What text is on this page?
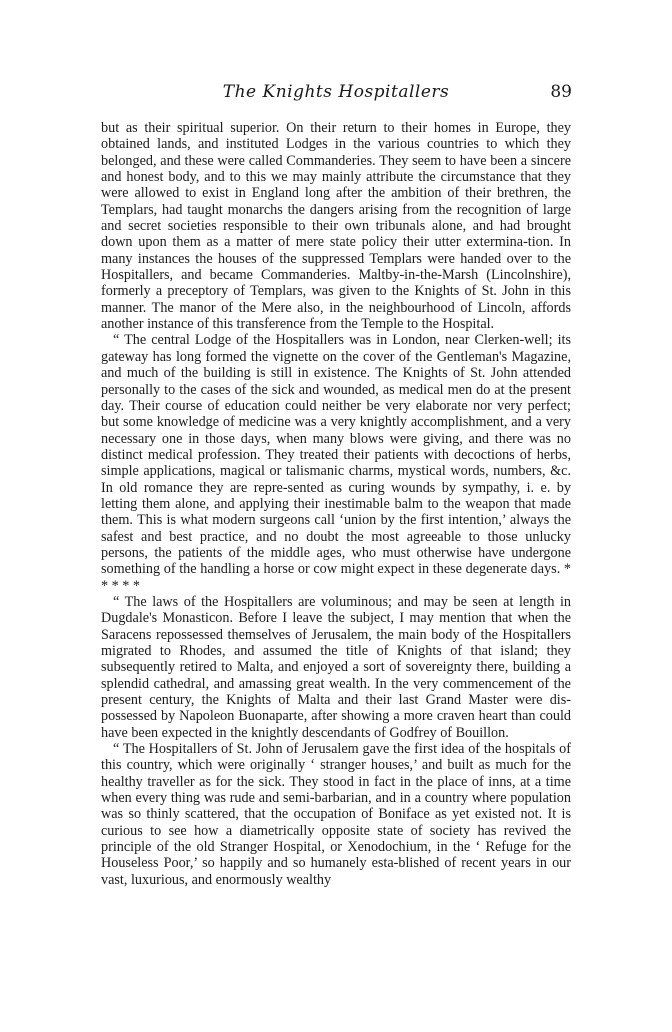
The Knights Hospitallers	89

but as their spiritual superior. On their return to their homes in Europe, they obtained lands, and instituted Lodges in the various countries to which they belonged, and these were called Commanderies. They seem to have been a sincere and honest body, and to this we may mainly attribute the circumstance that they were allowed to exist in England long after the ambition of their brethren, the Templars, had taught monarchs the dangers arising from the recognition of large and secret societies responsible to their own tribunals alone, and had brought down upon them as a matter of mere state policy their utter extermina-tion. In many instances the houses of the suppressed Templars were handed over to the Hospitallers, and became Commanderies. Maltby-in-the-Marsh (Lincolnshire), formerly a preceptory of Templars, was given to the Knights of St. John in this manner. The manor of the Mere also, in the neighbourhood of Lincoln, affords another instance of this transference from the Temple to the Hospital.

“ The central Lodge of the Hospitallers was in London, near Clerken-well; its gateway has long formed the vignette on the cover of the Gentleman's Magazine, and much of the building is still in existence. The Knights of St. John attended personally to the cases of the sick and wounded, as medical men do at the present day. Their course of education could neither be very elaborate nor very perfect; but some knowledge of medicine was a very knightly accomplishment, and a very necessary one in those days, when many blows were giving, and there was no distinct medical profession. They treated their patients with decoctions of herbs, simple applications, magical or talismanic charms, mystical words, numbers, &c. In old romance they are repre-sented as curing wounds by sympathy, i. e. by letting them alone, and applying their inestimable balm to the weapon that made them. This is what modern surgeons call ‘union by the first intention,’ always the safest and best practice, and no doubt the most agreeable to those unlucky persons, the patients of the middle ages, who must otherwise have undergone something of the handling a horse or cow might expect in these degenerate days. * * * * *

“ The laws of the Hospitallers are voluminous; and may be seen at length in Dugdale's Monasticon. Before I leave the subject, I may mention that when the Saracens repossessed themselves of Jerusalem, the main body of the Hospitallers migrated to Rhodes, and assumed the title of Knights of that island; they subsequently retired to Malta, and enjoyed a sort of sovereignty there, building a splendid cathedral, and amassing great wealth. In the very commencement of the present century, the Knights of Malta and their last Grand Master were dis-possessed by Napoleon Buonaparte, after showing a more craven heart than could have been expected in the knightly descendants of Godfrey of Bouillon.

“ The Hospitallers of St. John of Jerusalem gave the first idea of the hospitals of this country, which were originally ‘ stranger houses,’ and built as much for the healthy traveller as for the sick. They stood in fact in the place of inns, at a time when every thing was rude and semi-barbarian, and in a country where population was so thinly scattered, that the occupation of Boniface as yet existed not. It is curious to see how a diametrically opposite state of society has revived the principle of the old Stranger Hospital, or Xenodochium, in the ‘ Refuge for the Houseless Poor,’ so happily and so humanely esta-blished of recent years in our vast, luxurious, and enormously wealthy
